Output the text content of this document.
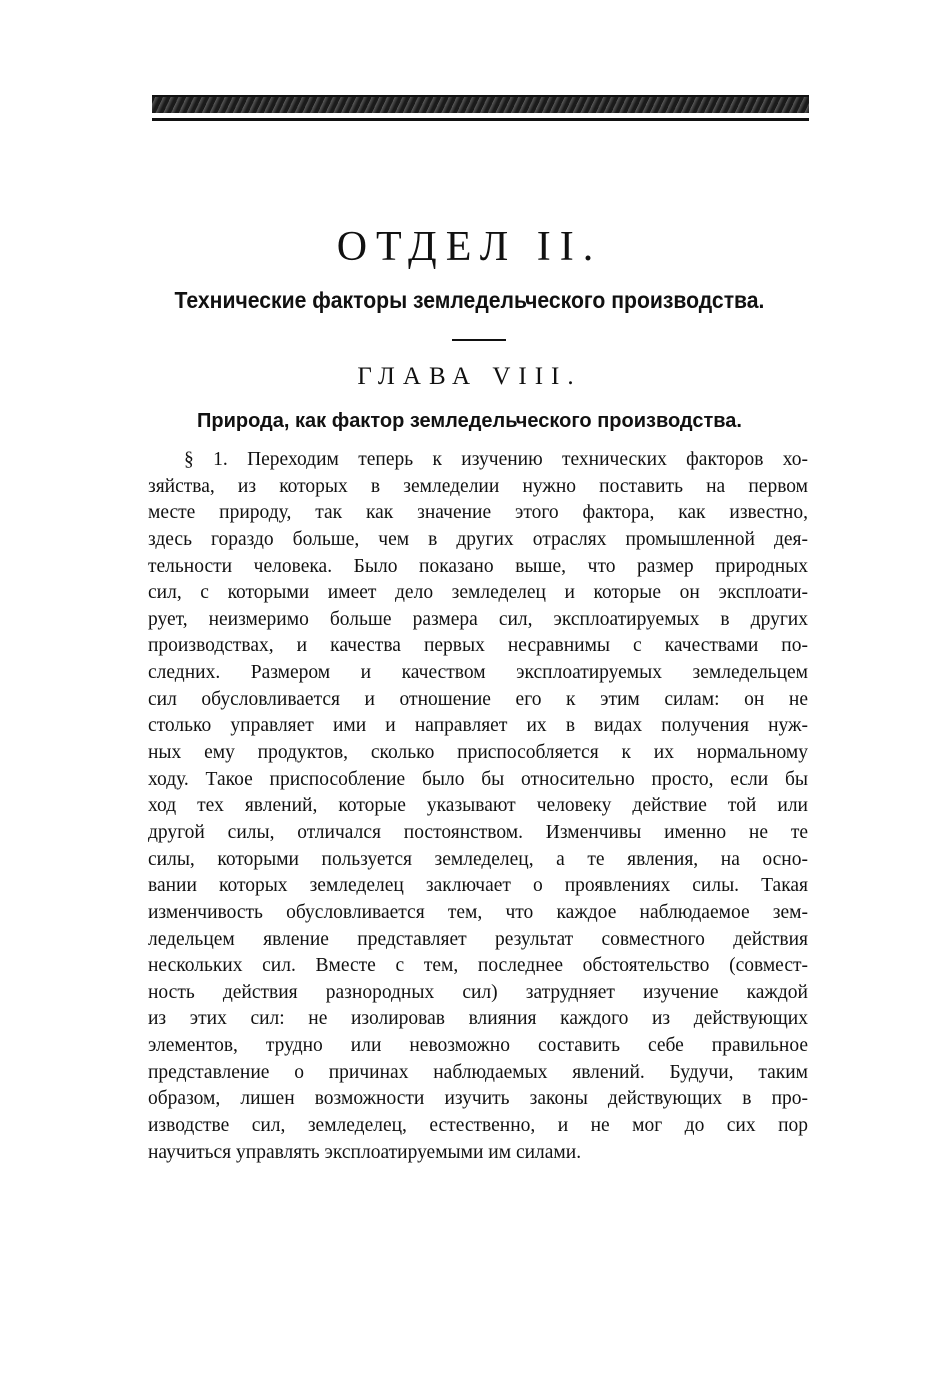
ОТДЕЛ II.
Технические факторы земледельческого производства.
ГЛАВА VIII.
Природа, как фактор земледельческого производства.
§ 1. Переходим теперь к изучению технических факторов хо-
зяйства, из которых в земледелии нужно поставить на первом
месте природу, так как значение этого фактора, как известно,
здесь гораздо больше, чем в других отраслях промышленной дея-
тельности человека. Было показано выше, что размер природных
сил, с которыми имеет дело земледелец и которые он эксплоати-
рует, неизмеримо больше размера сил, эксплоатируемых в других
производствах, и качества первых несравнимы с качествами по-
следних. Размером и качеством эксплоатируемых земледельцем
сил обусловливается и отношение его к этим силам: он не
столько управляет ими и направляет их в видах получения нуж-
ных ему продуктов, сколько приспособляется к их нормальному
ходу. Такое приспособление было бы относительно просто, если бы
ход тех явлений, которые указывают человеку действие той или
другой силы, отличался постоянством. Изменчивы именно не те
силы, которыми пользуется земледелец, а те явления, на осно-
вании которых земледелец заключает о проявлениях силы. Такая
изменчивость обусловливается тем, что каждое наблюдаемое зем-
ледельцем явление представляет результат совместного действия
нескольких сил. Вместе с тем, последнее обстоятельство (совмест-
ность действия разнородных сил) затрудняет изучение каждой
из этих сил: не изолировав влияния каждого из действующих
элементов, трудно или невозможно составить себе правильное
представление о причинах наблюдаемых явлений. Будучи, таким
образом, лишен возможности изучить законы действующих в про-
изводстве сил, земледелец, естественно, и не мог до сих пор
научиться управлять эксплоатируемыми им силами.
